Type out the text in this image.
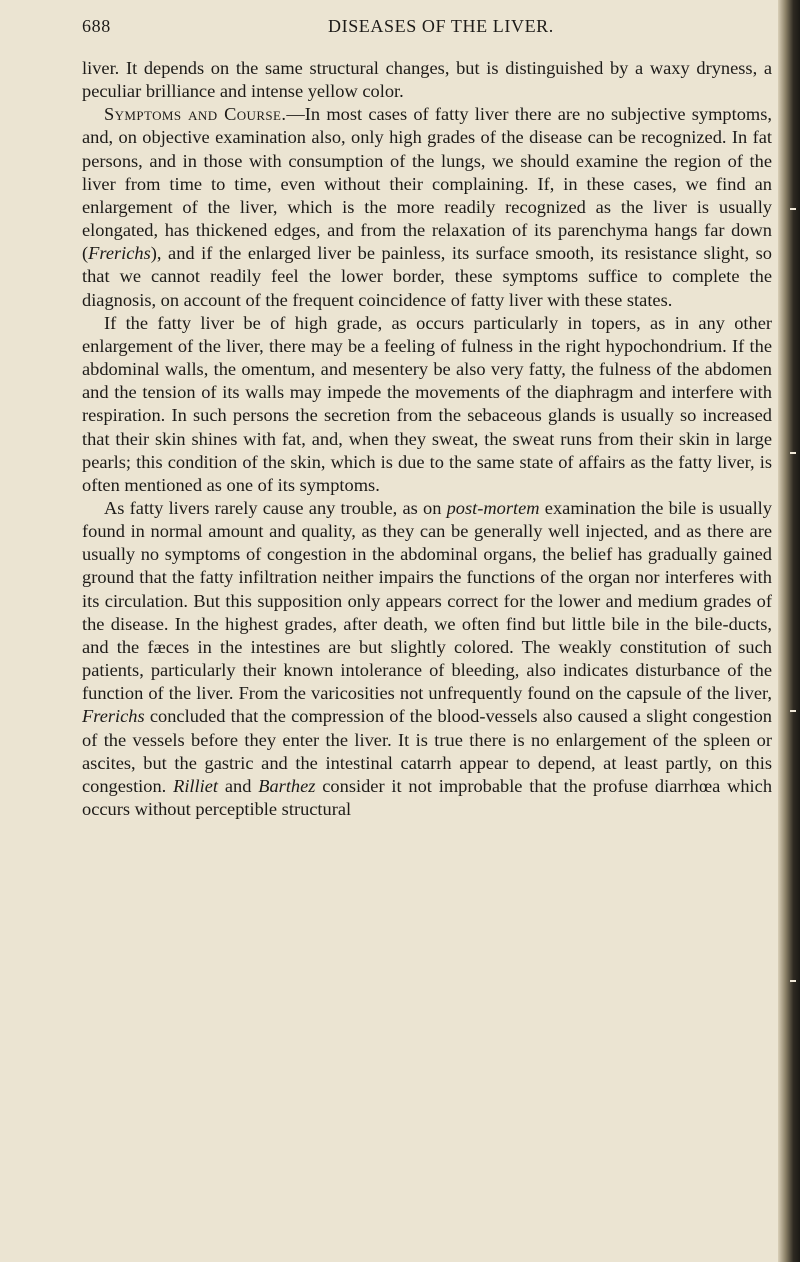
688	DISEASES OF THE LIVER.

liver. It depends on the same structural changes, but is distinguished by a waxy dryness, a peculiar brilliance and intense yellow color.

Symptoms and Course.—In most cases of fatty liver there are no subjective symptoms, and, on objective examination also, only high grades of the disease can be recognized. In fat persons, and in those with consumption of the lungs, we should examine the region of the liver from time to time, even without their complaining. If, in these cases, we find an enlargement of the liver, which is the more readily recognized as the liver is usually elongated, has thickened edges, and from the relaxation of its parenchyma hangs far down (Frerichs), and if the enlarged liver be painless, its surface smooth, its resistance slight, so that we cannot readily feel the lower border, these symptoms suffice to complete the diagnosis, on account of the frequent coincidence of fatty liver with these states.

If the fatty liver be of high grade, as occurs particularly in topers, as in any other enlargement of the liver, there may be a feeling of fulness in the right hypochondrium. If the abdominal walls, the omentum, and mesentery be also very fatty, the fulness of the abdomen and the tension of its walls may impede the movements of the diaphragm and interfere with respiration. In such persons the secretion from the sebaceous glands is usually so increased that their skin shines with fat, and, when they sweat, the sweat runs from their skin in large pearls; this condition of the skin, which is due to the same state of affairs as the fatty liver, is often mentioned as one of its symptoms.

As fatty livers rarely cause any trouble, as on post-mortem examination the bile is usually found in normal amount and quality, as they can be generally well injected, and as there are usually no symptoms of congestion in the abdominal organs, the belief has gradually gained ground that the fatty infiltration neither impairs the functions of the organ nor interferes with its circulation. But this supposition only appears correct for the lower and medium grades of the disease. In the highest grades, after death, we often find but little bile in the bile-ducts, and the fæces in the intestines are but slightly colored. The weakly constitution of such patients, particularly their known intolerance of bleeding, also indicates disturbance of the function of the liver. From the varicosities not unfrequently found on the capsule of the liver, Frerichs concluded that the compression of the blood-vessels also caused a slight congestion of the vessels before they enter the liver. It is true there is no enlargement of the spleen or ascites, but the gastric and the intestinal catarrh appear to depend, at least partly, on this congestion. Rilliet and Barthez consider it not improbable that the profuse diarrhœa which occurs without perceptible structural
